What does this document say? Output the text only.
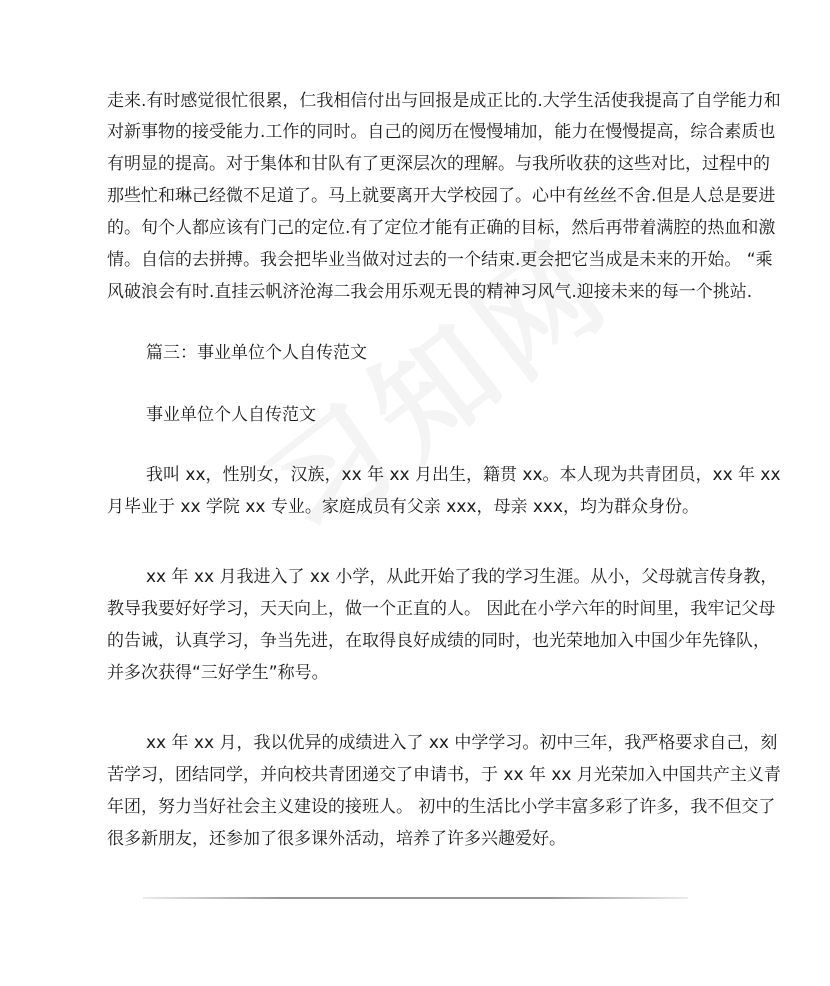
走来.有时感觉很忙很累，仁我相信付出与回报是成正比的.大学生活使我提高了自学能力和
对新事物的接受能力.工作的同时。自己的阅历在慢慢埔加，能力在慢慢提高，综合素质也
有明显的提高。对于集体和甘队有了更深层次的理解。与我所收获的这些对比，过程中的
那些忙和琳己经微不足道了。马上就要离开大学校园了。心中有丝丝不舍.但是人总是要进
的。旬个人都应该有门己的定位.有了定位才能有正确的目标，然后再带着满腔的热血和激
情。自信的去拼搏。我会把毕业当做对过去的一个结束.更会把它当成是未来的开始。 “乘
风破浪会有时.直挂云帆济沧海二我会用乐观无畏的精神习风气.迎接未来的每一个挑站.
篇三：事业单位个人自传范文
事业单位个人自传范文
我叫 xx，性别女，汉族，xx 年 xx 月出生，籍贯 xx。本人现为共青团员，xx 年 xx
月毕业于 xx 学院 xx 专业。家庭成员有父亲 xxx，母亲 xxx，均为群众身份。
xx 年 xx 月我进入了 xx 小学，从此开始了我的学习生涯。从小，父母就言传身教，
教导我要好好学习，天天向上，做一个正直的人。 因此在小学六年的时间里，我牢记父母
的告诫，认真学习，争当先进，在取得良好成绩的同时，也光荣地加入中国少年先锋队，
并多次获得“三好学生”称号。
xx 年 xx 月，我以优异的成绩进入了 xx 中学学习。初中三年，我严格要求自己，刻
苦学习，团结同学，并向校共青团递交了申请书，于 xx 年 xx 月光荣加入中国共产主义青
年团，努力当好社会主义建设的接班人。 初中的生活比小学丰富多彩了许多，我不但交了
很多新朋友，还参加了很多课外活动，培养了许多兴趣爱好。
